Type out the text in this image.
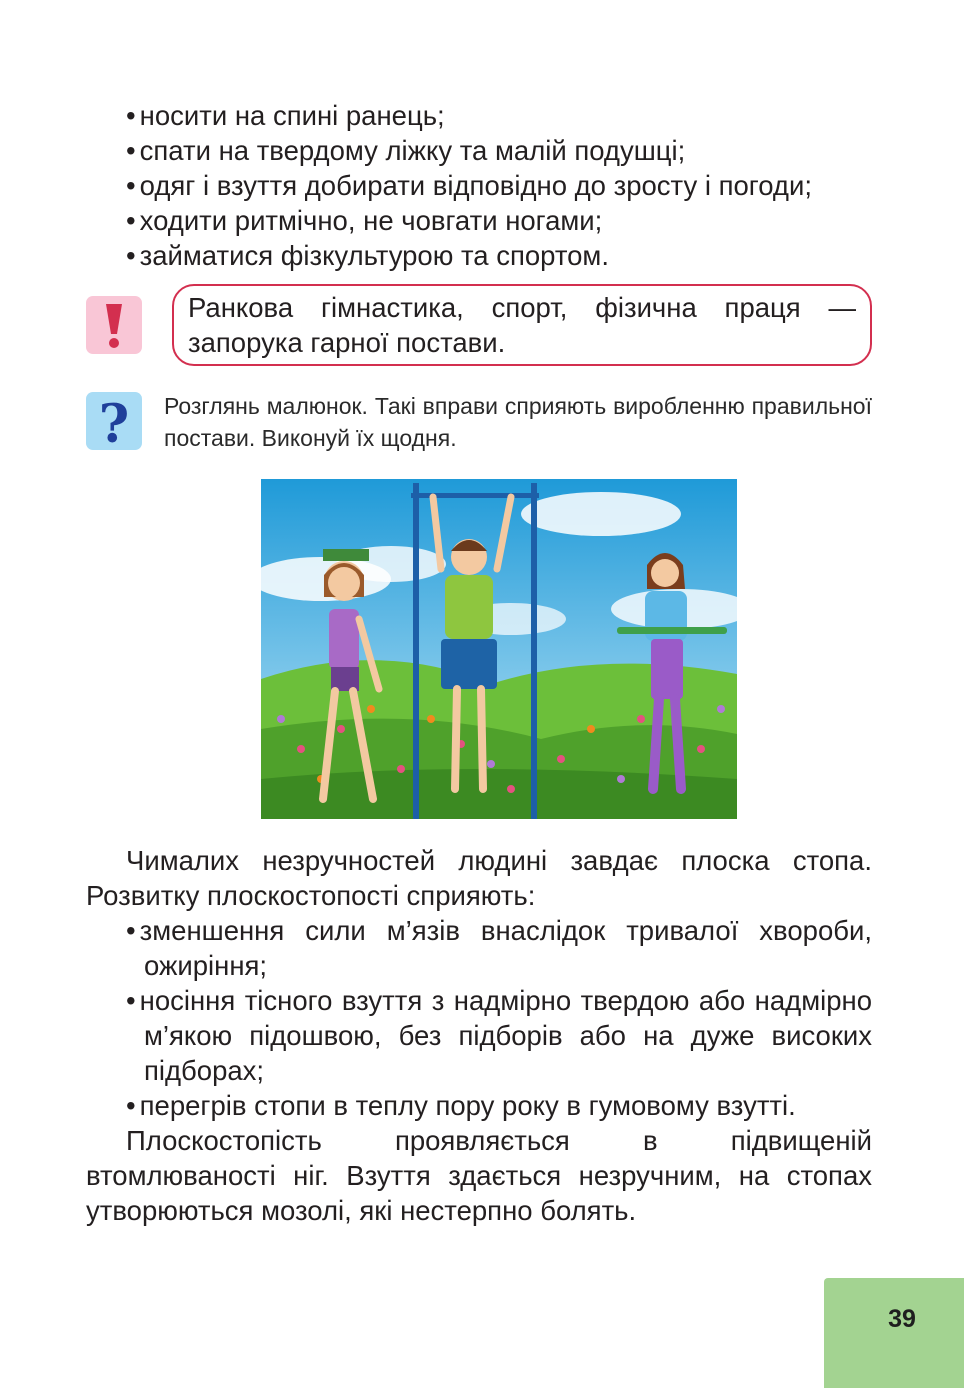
• носити на спині ранець;
• спати на твердому ліжку та малій подушці;
• одяг і взуття добирати відповідно до зросту і погоди;
• ходити ритмічно, не човгати ногами;
• займатися фізкультурою та спортом.

Ранкова гімнастика, спорт, фізична праця — запорука гарної постави.

? Розглянь малюнок. Такі вправи сприяють виробленню правильної постави. Виконуй їх щодня.

Чималих незручностей людині завдає плоска стопа. Розвитку плоскостопості сприяють:

• зменшення сили м’язів внаслідок тривалої хвороби, ожиріння;
• носіння тісного взуття з надмірно твердою або надмірно м’якою підошвою, без підборів або на дуже високих підборах;
• перегрів стопи в теплу пору року в гумовому взутті.

Плоскостопість проявляється в підвищеній втомлюваності ніг. Взуття здається незручним, на стопах утворюються мозолі, які нестерпно болять.

39
